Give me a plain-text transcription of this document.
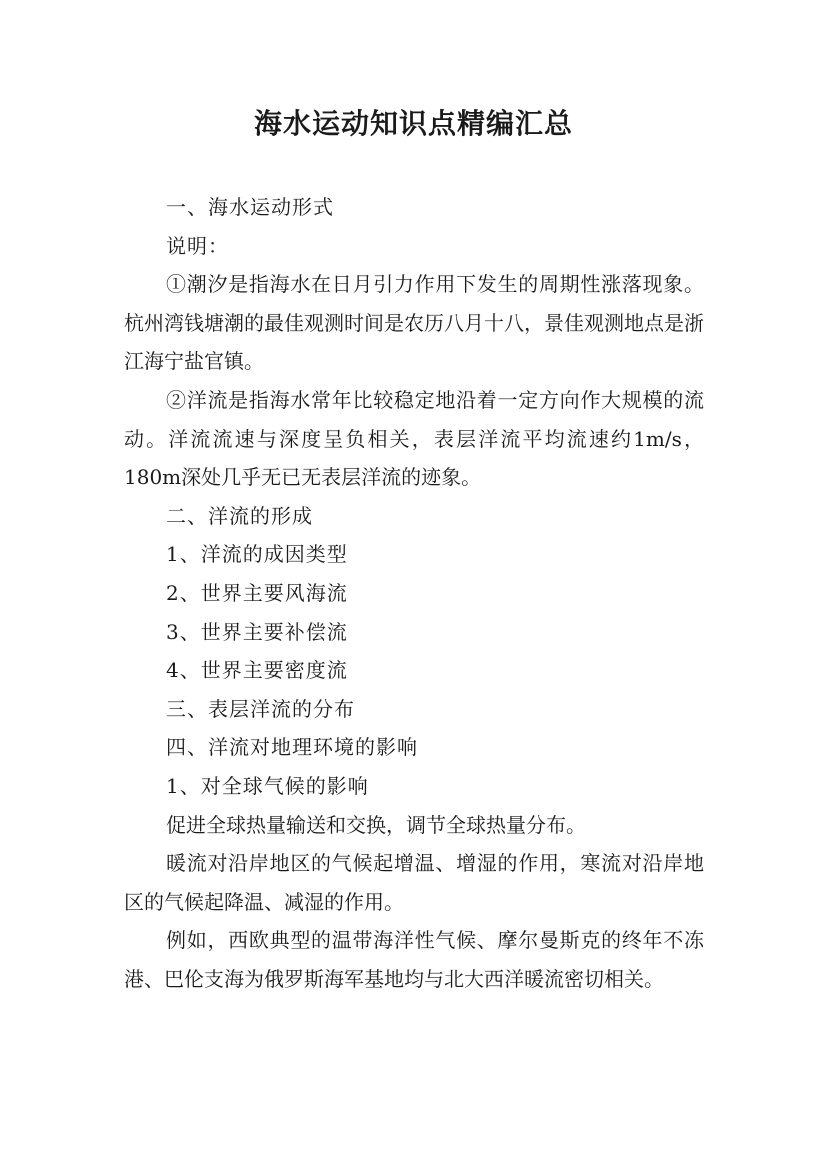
海水运动知识点精编汇总

一、海水运动形式

说明：

①潮汐是指海水在日月引力作用下发生的周期性涨落现象。杭州湾钱塘潮的最佳观测时间是农历八月十八，景佳观测地点是浙江海宁盐官镇。

②洋流是指海水常年比较稳定地沿着一定方向作大规模的流动。洋流流速与深度呈负相关，表层洋流平均流速约1m/s，180m深处几乎无已无表层洋流的迹象。

二、洋流的形成

1、洋流的成因类型

2、世界主要风海流

3、世界主要补偿流

4、世界主要密度流

三、表层洋流的分布

四、洋流对地理环境的影响

1、对全球气候的影响

促进全球热量输送和交换，调节全球热量分布。

暖流对沿岸地区的气候起增温、增湿的作用，寒流对沿岸地区的气候起降温、减湿的作用。

例如，西欧典型的温带海洋性气候、摩尔曼斯克的终年不冻港、巴伦支海为俄罗斯海军基地均与北大西洋暖流密切相关。
